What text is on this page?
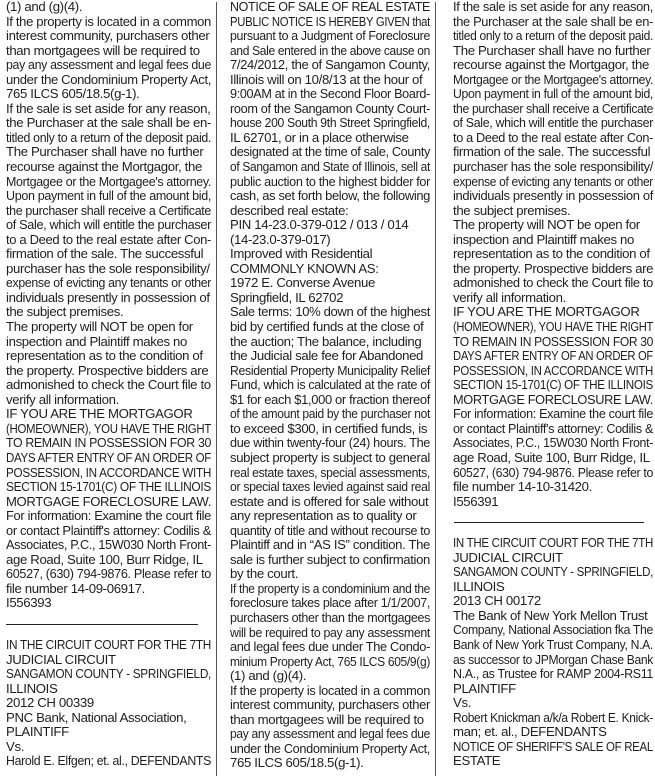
(1) and (g)(4).
If the property is located in a common
interest community, purchasers other
than mortgagees will be required to
pay any assessment and legal fees due
under the Condominium Property Act,
765 ILCS 605/18.5(g-1).
If the sale is set aside for any reason,
the Purchaser at the sale shall be en-
titled only to a return of the deposit paid.
The Purchaser shall have no further
recourse against the Mortgagor, the
Mortgagee or the Mortgagee's attorney.
Upon payment in full of the amount bid,
the purchaser shall receive a Certificate
of Sale, which will entitle the purchaser
to a Deed to the real estate after Con-
firmation of the sale. The successful
purchaser has the sole responsibility/
expense of evicting any tenants or other
individuals presently in possession of
the subject premises.
The property will NOT be open for
inspection and Plaintiff makes no
representation as to the condition of
the property. Prospective bidders are
admonished to check the Court file to
verify all information.
IF YOU ARE THE MORTGAGOR
(HOMEOWNER), YOU HAVE THE RIGHT
TO REMAIN IN POSSESSION FOR 30
DAYS AFTER ENTRY OF AN ORDER OF
POSSESSION, IN ACCORDANCE WITH
SECTION 15-1701(C) OF THE ILLINOIS
MORTGAGE FORECLOSURE LAW.
For information: Examine the court file
or contact Plaintiff's attorney: Codilis &
Associates, P.C., 15W030 North Front-
age Road, Suite 100, Burr Ridge, IL
60527, (630) 794-9876. Please refer to
file number 14-09-06917.
I556393
IN THE CIRCUIT COURT FOR THE 7TH
JUDICIAL CIRCUIT
SANGAMON COUNTY - SPRINGFIELD,
ILLINOIS
2012 CH 00339
PNC Bank, National Association,
PLAINTIFF
Vs.
Harold E. Elfgen; et. al., DEFENDANTS
NOTICE OF SALE OF REAL ESTATE
PUBLIC NOTICE IS HEREBY GIVEN that
pursuant to a Judgment of Foreclosure
and Sale entered in the above cause on
7/24/2012, the of Sangamon County,
Illinois will on 10/8/13 at the hour of
9:00AM at in the Second Floor Board-
room of the Sangamon County Court-
house 200 South 9th Street Springfield,
IL 62701, or in a place otherwise
designated at the time of sale, County
of Sangamon and State of Illinois, sell at
public auction to the highest bidder for
cash, as set forth below, the following
described real estate:
PIN 14-23.0-379-012 / 013 / 014
(14-23.0-379-017)
Improved with Residential
COMMONLY KNOWN AS:
1972 E. Converse Avenue
Springfield, IL 62702
Sale terms: 10% down of the highest
bid by certified funds at the close of
the auction; The balance, including
the Judicial sale fee for Abandoned
Residential Property Municipality Relief
Fund, which is calculated at the rate of
$1 for each $1,000 or fraction thereof
of the amount paid by the purchaser not
to exceed $300, in certified funds, is
due within twenty-four (24) hours. The
subject property is subject to general
real estate taxes, special assessments,
or special taxes levied against said real
estate and is offered for sale without
any representation as to quality or
quantity of title and without recourse to
Plaintiff and in “AS IS” condition. The
sale is further subject to confirmation
by the court.
If the property is a condominium and the
foreclosure takes place after 1/1/2007,
purchasers other than the mortgagees
will be required to pay any assessment
and legal fees due under The Condo-
minium Property Act, 765 ILCS 605/9(g)
(1) and (g)(4).
If the property is located in a common
interest community, purchasers other
than mortgagees will be required to
pay any assessment and legal fees due
under the Condominium Property Act,
765 ILCS 605/18.5(g-1).
If the sale is set aside for any reason,
the Purchaser at the sale shall be en-
titled only to a return of the deposit paid.
The Purchaser shall have no further
recourse against the Mortgagor, the
Mortgagee or the Mortgagee's attorney.
Upon payment in full of the amount bid,
the purchaser shall receive a Certificate
of Sale, which will entitle the purchaser
to a Deed to the real estate after Con-
firmation of the sale. The successful
purchaser has the sole responsibility/
expense of evicting any tenants or other
individuals presently in possession of
the subject premises.
The property will NOT be open for
inspection and Plaintiff makes no
representation as to the condition of
the property. Prospective bidders are
admonished to check the Court file to
verify all information.
IF YOU ARE THE MORTGAGOR
(HOMEOWNER), YOU HAVE THE RIGHT
TO REMAIN IN POSSESSION FOR 30
DAYS AFTER ENTRY OF AN ORDER OF
POSSESSION, IN ACCORDANCE WITH
SECTION 15-1701(C) OF THE ILLINOIS
MORTGAGE FORECLOSURE LAW.
For information: Examine the court file
or contact Plaintiff's attorney: Codilis &
Associates, P.C., 15W030 North Front-
age Road, Suite 100, Burr Ridge, IL
60527, (630) 794-9876. Please refer to
file number 14-10-31420.
I556391
IN THE CIRCUIT COURT FOR THE 7TH
JUDICIAL CIRCUIT
SANGAMON COUNTY - SPRINGFIELD,
ILLINOIS
2013 CH 00172
The Bank of New York Mellon Trust
Company, National Association fka The
Bank of New York Trust Company, N.A.
as successor to JPMorgan Chase Bank
N.A., as Trustee for RAMP 2004-RS11
PLAINTIFF
Vs.
Robert Knickman a/k/a Robert E. Knick-
man; et. al., DEFENDANTS
NOTICE OF SHERIFF'S SALE OF REAL
ESTATE
